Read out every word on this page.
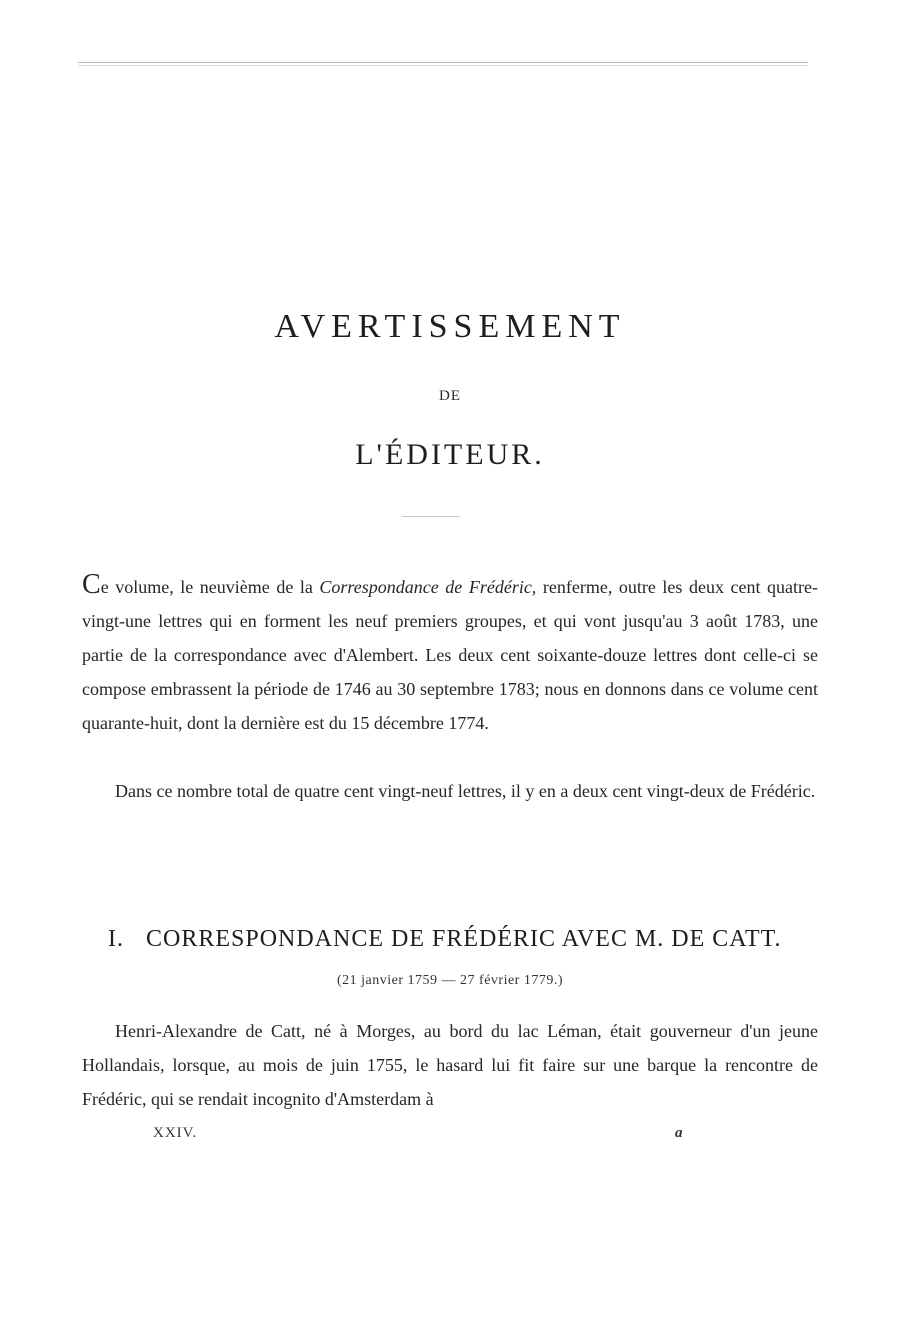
AVERTISSEMENT
DE
L'ÉDITEUR.

Ce volume, le neuvième de la Correspondance de Frédéric, renferme, outre les deux cent quatre-vingt-une lettres qui en forment les neuf premiers groupes, et qui vont jusqu'au 3 août 1783, une partie de la correspondance avec d'Alembert. Les deux cent soixante-douze lettres dont celle-ci se compose embrassent la période de 1746 au 30 septembre 1783; nous en donnons dans ce volume cent quarante-huit, dont la dernière est du 15 décembre 1774.

Dans ce nombre total de quatre cent vingt-neuf lettres, il y en a deux cent vingt-deux de Frédéric.

I. CORRESPONDANCE DE FRÉDÉRIC AVEC M. DE CATT.
(21 janvier 1759 — 27 février 1779.)

Henri-Alexandre de Catt, né à Morges, au bord du lac Léman, était gouverneur d'un jeune Hollandais, lorsque, au mois de juin 1755, le hasard lui fit faire sur une barque la rencontre de Frédéric, qui se rendait incognito d'Amsterdam à

XXIV.	a
